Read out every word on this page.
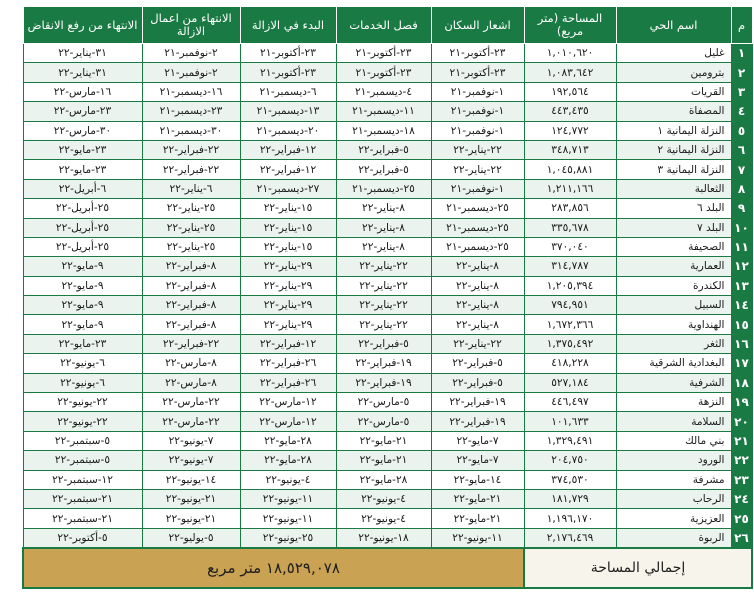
م	اسم الحي	المساحة (متر مربع)	اشعار السكان	فصل الخدمات	البدء في الازالة	الانتهاء من اعمال الازالة	الانتهاء من رفع الانقاض
١	غليل	١,٠١٠,٦٢٠	٢٣-أكتوبر-٢١	٢٣-أكتوبر-٢١	٢٣-أكتوبر-٢١	٢-نوفمبر-٢١	٣١-يناير-٢٢
٢	بترومين	١,٠٨٣,٦٤٢	٢٣-أكتوبر-٢١	٢٣-أكتوبر-٢١	٢٣-أكتوبر-٢١	٢-نوفمبر-٢١	٣١-يناير-٢٢
٣	القريات	١٩٢,٥٦٤	١-نوفمبر-٢١	٤-ديسمبر-٢١	٦-ديسمبر-٢١	١٦-ديسمبر-٢١	١٦-مارس-٢٢
٤	المصفاة	٤٤٣,٤٣٥	١-نوفمبر-٢١	١١-ديسمبر-٢١	١٣-ديسمبر-٢١	٢٣-ديسمبر-٢١	٢٣-مارس-٢٢
٥	النزلة اليمانية ١	١٢٤,٧٧٢	١-نوفمبر-٢١	١٨-ديسمبر-٢١	٢٠-ديسمبر-٢١	٣٠-ديسمبر-٢١	٣٠-مارس-٢٢
٦	النزلة اليمانية ٢	٣٤٨,٧١٣	٢٢-يناير-٢٢	٥-فبراير-٢٢	١٢-فبراير-٢٢	٢٢-فبراير-٢٢	٢٣-مايو-٢٢
٧	النزلة اليمانية ٣	١,٠٤٥,٨٨١	٢٢-يناير-٢٢	٥-فبراير-٢٢	١٢-فبراير-٢٢	٢٢-فبراير-٢٢	٢٣-مايو-٢٢
٨	الثعالبة	١,٢١١,١٦٦	١-نوفمبر-٢١	٢٥-ديسمبر-٢١	٢٧-ديسمبر-٢١	٦-يناير-٢٢	٦-أبريل-٢٢
٩	البلد ٦	٢٨٣,٨٥٦	٢٥-ديسمبر-٢١	٨-يناير-٢٢	١٥-يناير-٢٢	٢٥-يناير-٢٢	٢٥-أبريل-٢٢
١٠	البلد ٧	٣٣٥,٦٧٨	٢٥-ديسمبر-٢١	٨-يناير-٢٢	١٥-يناير-٢٢	٢٥-يناير-٢٢	٢٥-أبريل-٢٢
١١	الصحيفة	٣٧٠,٠٤٠	٢٥-ديسمبر-٢١	٨-يناير-٢٢	١٥-يناير-٢٢	٢٥-يناير-٢٢	٢٥-أبريل-٢٢
١٢	العمارية	٣١٤,٧٨٧	٨-يناير-٢٢	٢٢-يناير-٢٢	٢٩-يناير-٢٢	٨-فبراير-٢٢	٩-مايو-٢٢
١٣	الكندرة	١,٢٠٥,٣٩٤	٨-يناير-٢٢	٢٢-يناير-٢٢	٢٩-يناير-٢٢	٨-فبراير-٢٢	٩-مايو-٢٢
١٤	السبيل	٧٩٤,٩٥١	٨-يناير-٢٢	٢٢-يناير-٢٢	٢٩-يناير-٢٢	٨-فبراير-٢٢	٩-مايو-٢٢
١٥	الهنداوية	١,٦٧٢,٣٦٦	٨-يناير-٢٢	٢٢-يناير-٢٢	٢٩-يناير-٢٢	٨-فبراير-٢٢	٩-مايو-٢٢
١٦	الثغر	١,٣٧٥,٤٩٢	٢٢-يناير-٢٢	٥-فبراير-٢٢	١٢-فبراير-٢٢	٢٢-فبراير-٢٢	٢٣-مايو-٢٢
١٧	البغدادية الشرقية	٤١٨,٢٢٨	٥-فبراير-٢٢	١٩-فبراير-٢٢	٢٦-فبراير-٢٢	٨-مارس-٢٢	٦-يونيو-٢٢
١٨	الشرفية	٥٢٧,١٨٤	٥-فبراير-٢٢	١٩-فبراير-٢٢	٢٦-فبراير-٢٢	٨-مارس-٢٢	٦-يونيو-٢٢
١٩	النزهة	٤٤٦,٤٩٧	١٩-فبراير-٢٢	٥-مارس-٢٢	١٢-مارس-٢٢	٢٢-مارس-٢٢	٢٢-يونيو-٢٢
٢٠	السلامة	١٠١,٦٣٣	١٩-فبراير-٢٢	٥-مارس-٢٢	١٢-مارس-٢٢	٢٢-مارس-٢٢	٢٢-يونيو-٢٢
٢١	بني مالك	١,٣٢٩,٤٩١	٧-مايو-٢٢	٢١-مايو-٢٢	٢٨-مايو-٢٢	٧-يونيو-٢٢	٥-سبتمبر-٢٢
٢٢	الورود	٢٠٤,٧٥٠	٧-مايو-٢٢	٢١-مايو-٢٢	٢٨-مايو-٢٢	٧-يونيو-٢٢	٥-سبتمبر-٢٢
٢٣	مشرفة	٣٧٤,٥٣٠	١٤-مايو-٢٢	٢٨-مايو-٢٢	٤-يونيو-٢٢	١٤-يونيو-٢٢	١٢-سبتمبر-٢٢
٢٤	الرحاب	١٨١,٧٢٩	٢١-مايو-٢٢	٤-يونيو-٢٢	١١-يونيو-٢٢	٢١-يونيو-٢٢	٢١-سبتمبر-٢٢
٢٥	العزيزية	١,١٩٦,١٧٠	٢١-مايو-٢٢	٤-يونيو-٢٢	١١-يونيو-٢٢	٢١-يونيو-٢٢	٢١-سبتمبر-٢٢
٢٦	الربوة	٢,١٧٦,٤٦٩	١١-يونيو-٢٢	١٨-يونيو-٢٢	٢٥-يونيو-٢٢	٥-يوليو-٢٢	٥-أكتوبر-٢٢
إجمالي المساحة			١٨,٥٢٩,٠٧٨ متر مربع				
